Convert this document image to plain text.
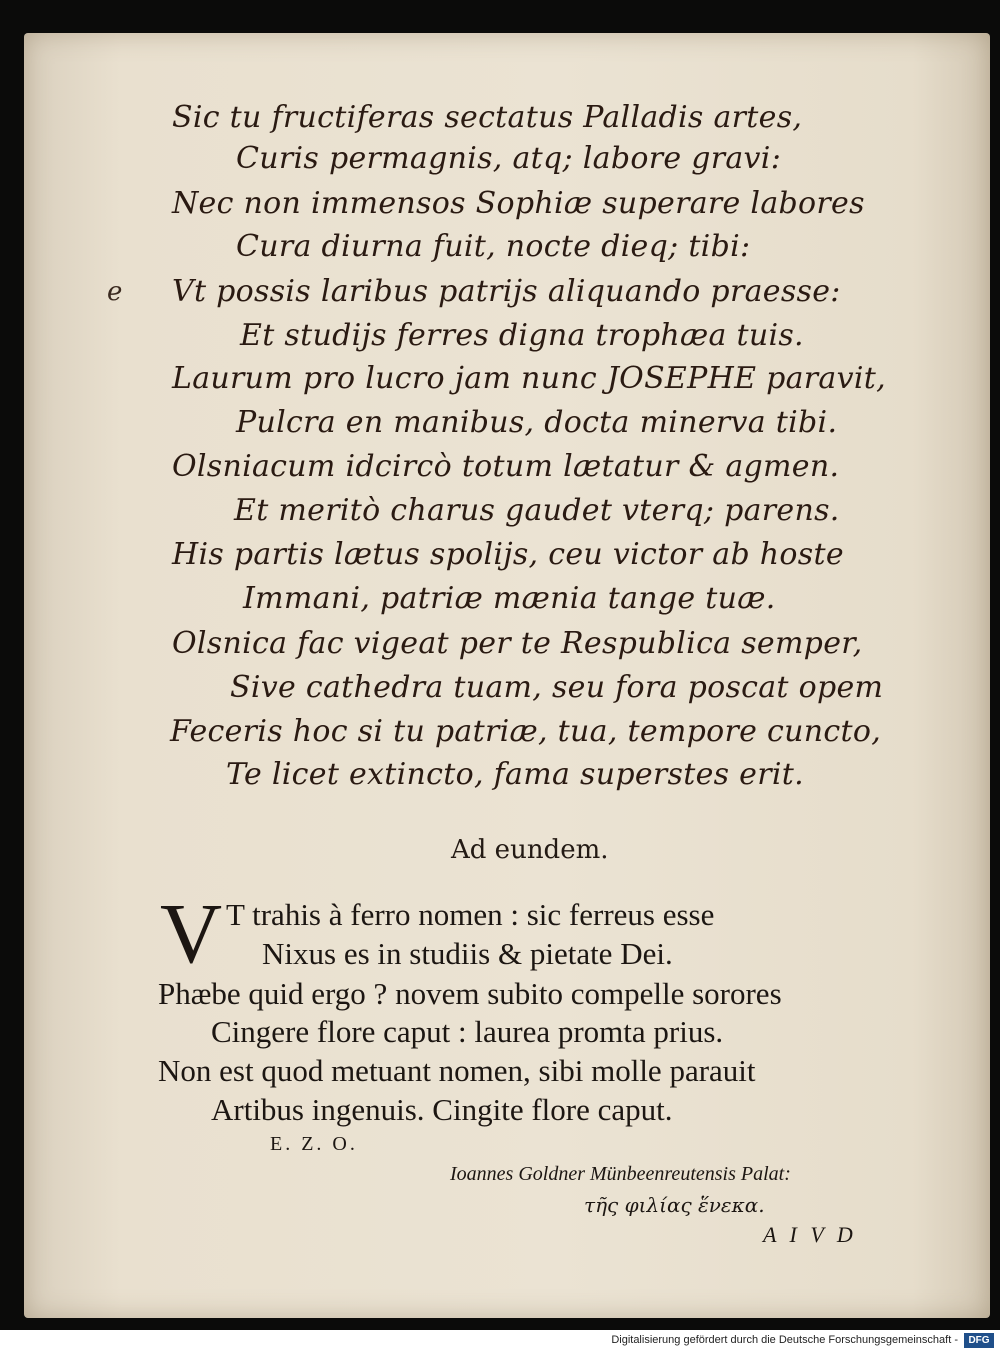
e
Sic tu fructiferas sectatus Palladis artes,
Curis permagnis, atq; labore gravi:
Nec non immensos Sophiæ superare labores
Cura diurna fuit, nocte dieq; tibi:
Vt possis laribus patrijs aliquando praesse:
Et studijs ferres digna trophæa tuis.
Laurum pro lucro jam nunc JOSEPHE paravit,
Pulcra en manibus, docta minerva tibi.
Olsniacum idcircò totum lætatur & agmen.
Et meritò charus gaudet vterq; parens.
His partis lætus spolijs, ceu victor ab hoste
Immani, patriæ mænia tange tuæ.
Olsnica fac vigeat per te Respublica semper,
Sive cathedra tuam, seu fora poscat opem
Feceris hoc si tu patriæ, tua, tempore cuncto,
Te licet extincto, fama superstes erit.
Ad eundem.
V T trahis à ferro nomen : sic ferreus esse
Nixus es in studiis & pietate Dei.
Phæbe quid ergo ? novem subito compelle sorores
Cingere flore caput : laurea promta prius.
Non est quod metuant nomen, sibi molle parauit
Artibus ingenuis. Cingite flore caput.
E. Z. O.
Ioannes Goldner Münbeenreutensis Palat:
τῆς φιλίας ἕνεκα.
A I V D
Digitalisierung gefördert durch die Deutsche Forschungsgemeinschaft -	DFG
